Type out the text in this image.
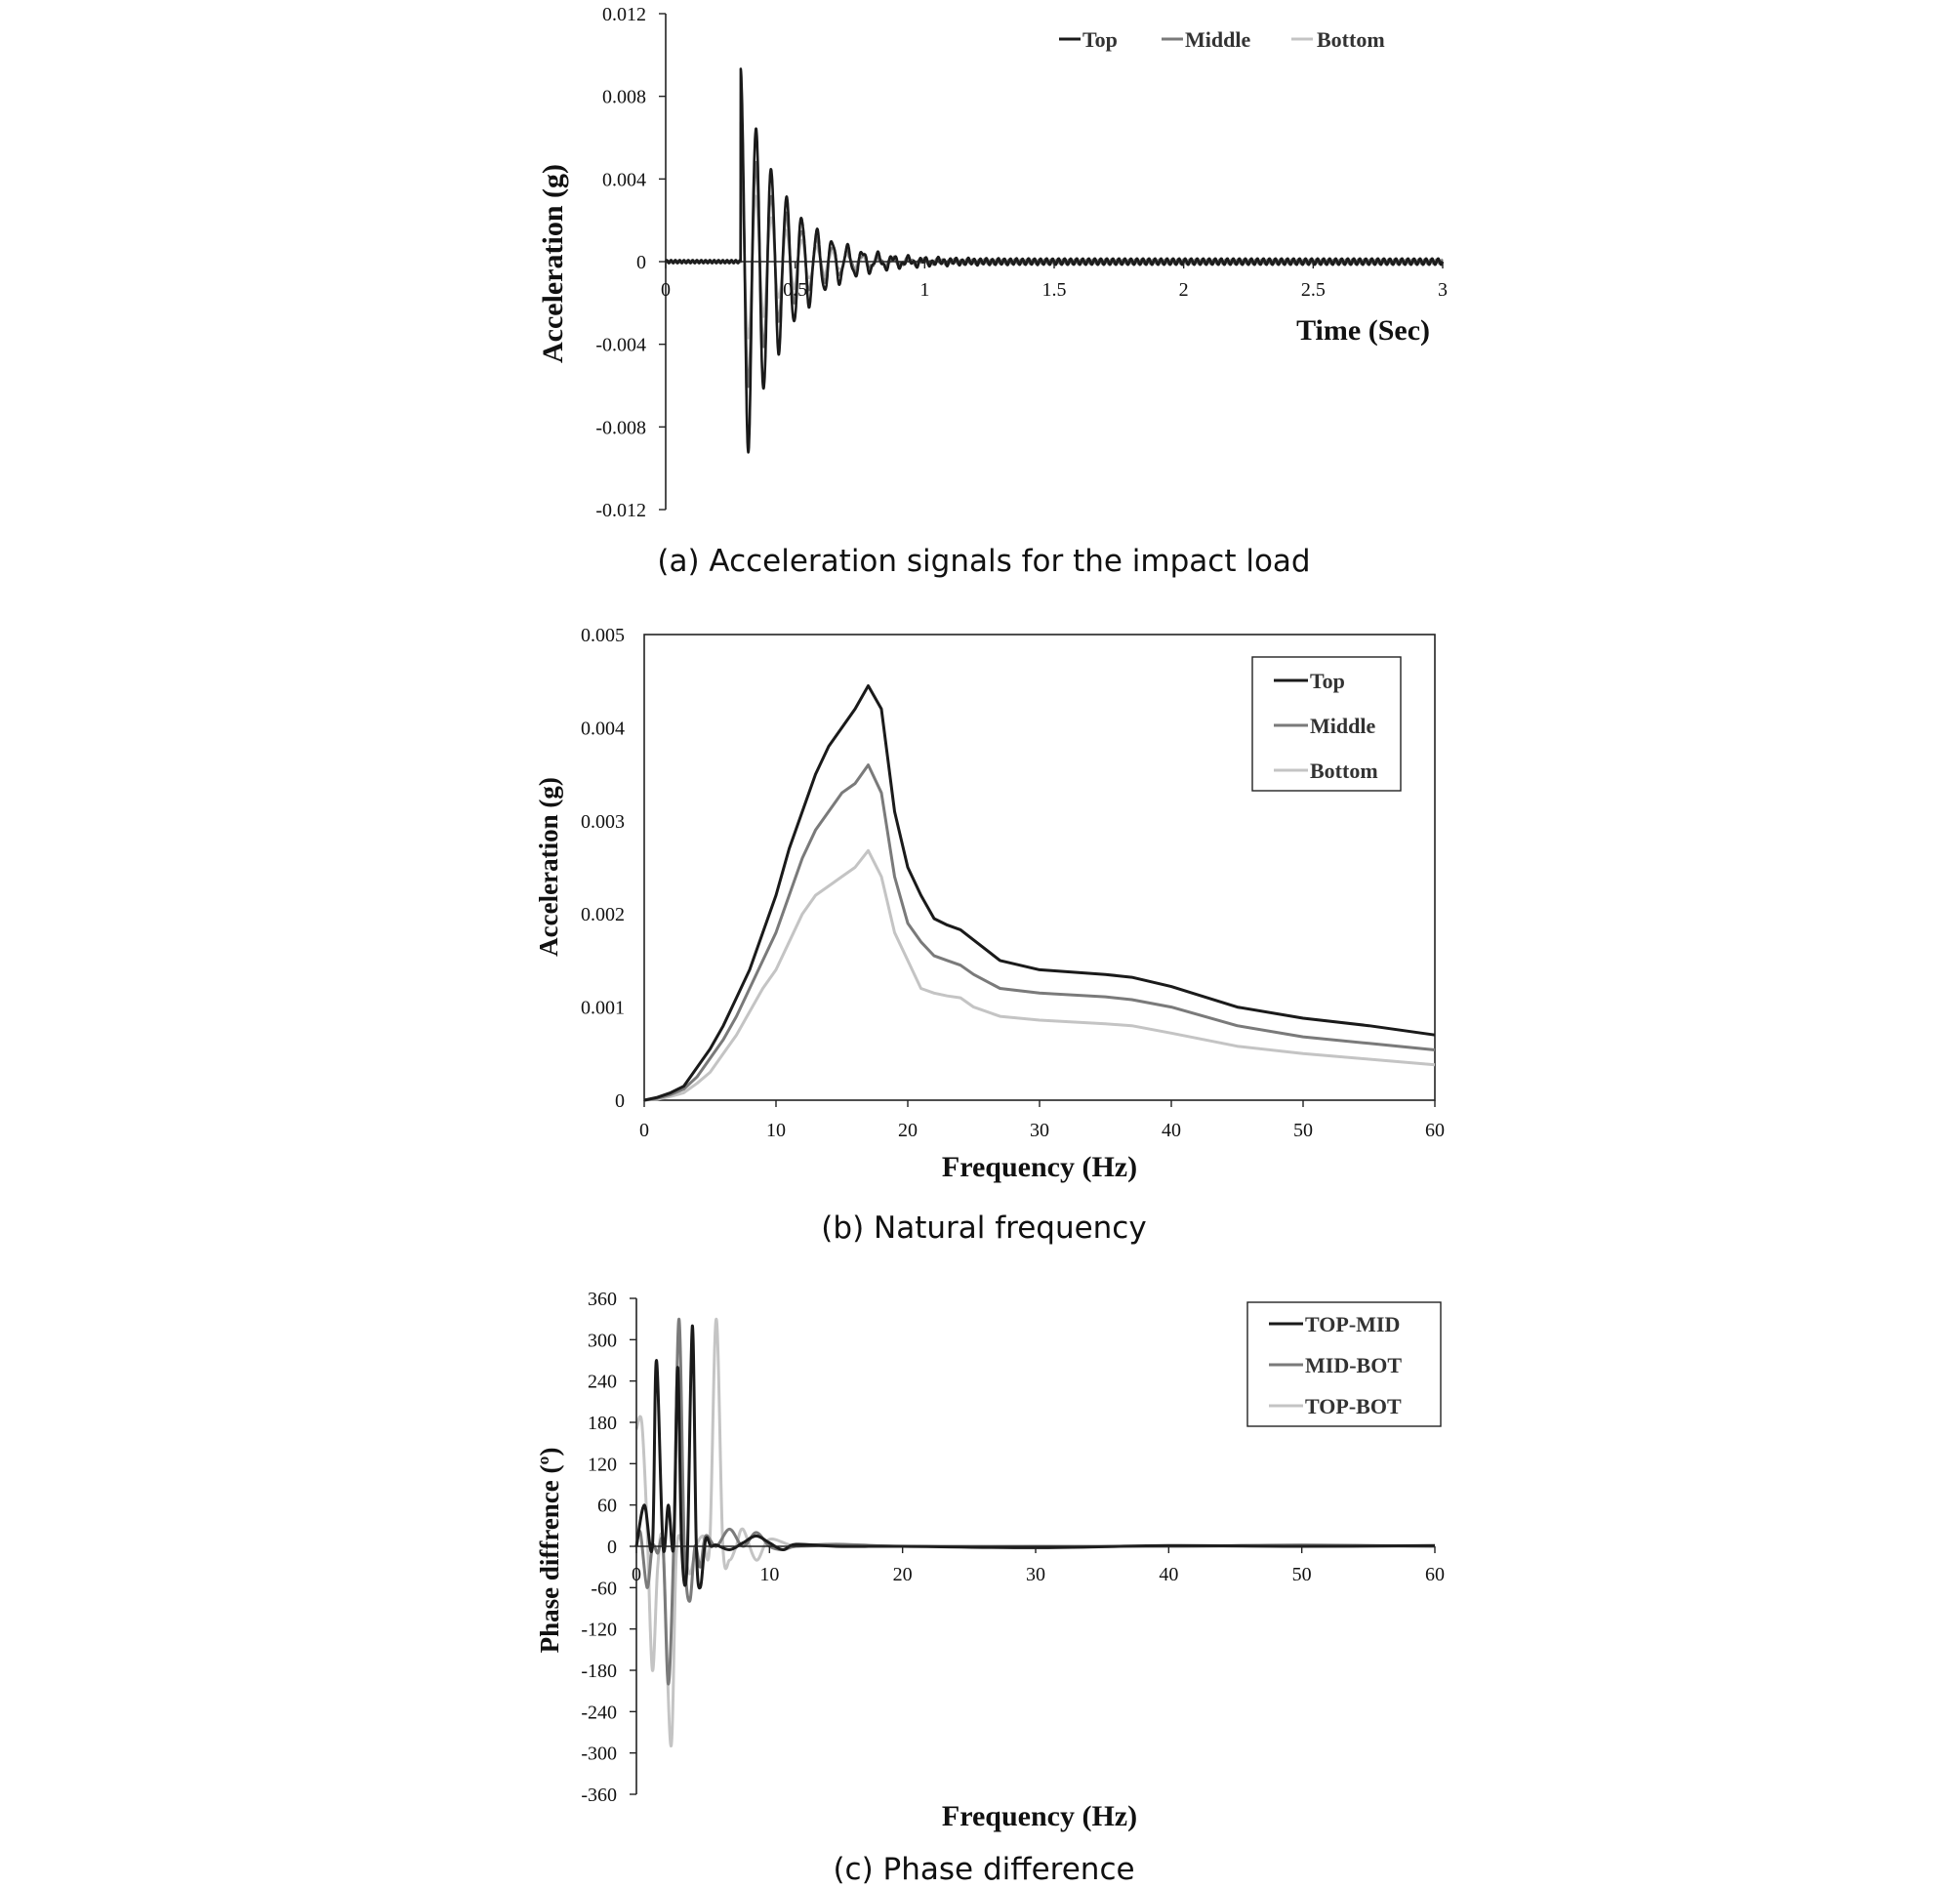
0.012
0.008
0.004
0
-0.004
-0.008
-0.012
0	0.5	1	1.5	2	2.5	3
Time (Sec)
Acceleration (g)
Top	Middle	Bottom
(a) Acceleration signals for the impact load
0.005
0.004
0.003
0.002
0.001
0
0	10	20	30	40	50	60
Frequency (Hz)
Acceleration (g)
Top
Middle
Bottom
(b) Natural frequency
360
300
240
180
120
60
0
-60
-120
-180
-240
-300
-360
0	10	20	30	40	50	60
Frequency (Hz)
Phase diffrence (º)
TOP-MID
MID-BOT
TOP-BOT
(c) Phase difference
